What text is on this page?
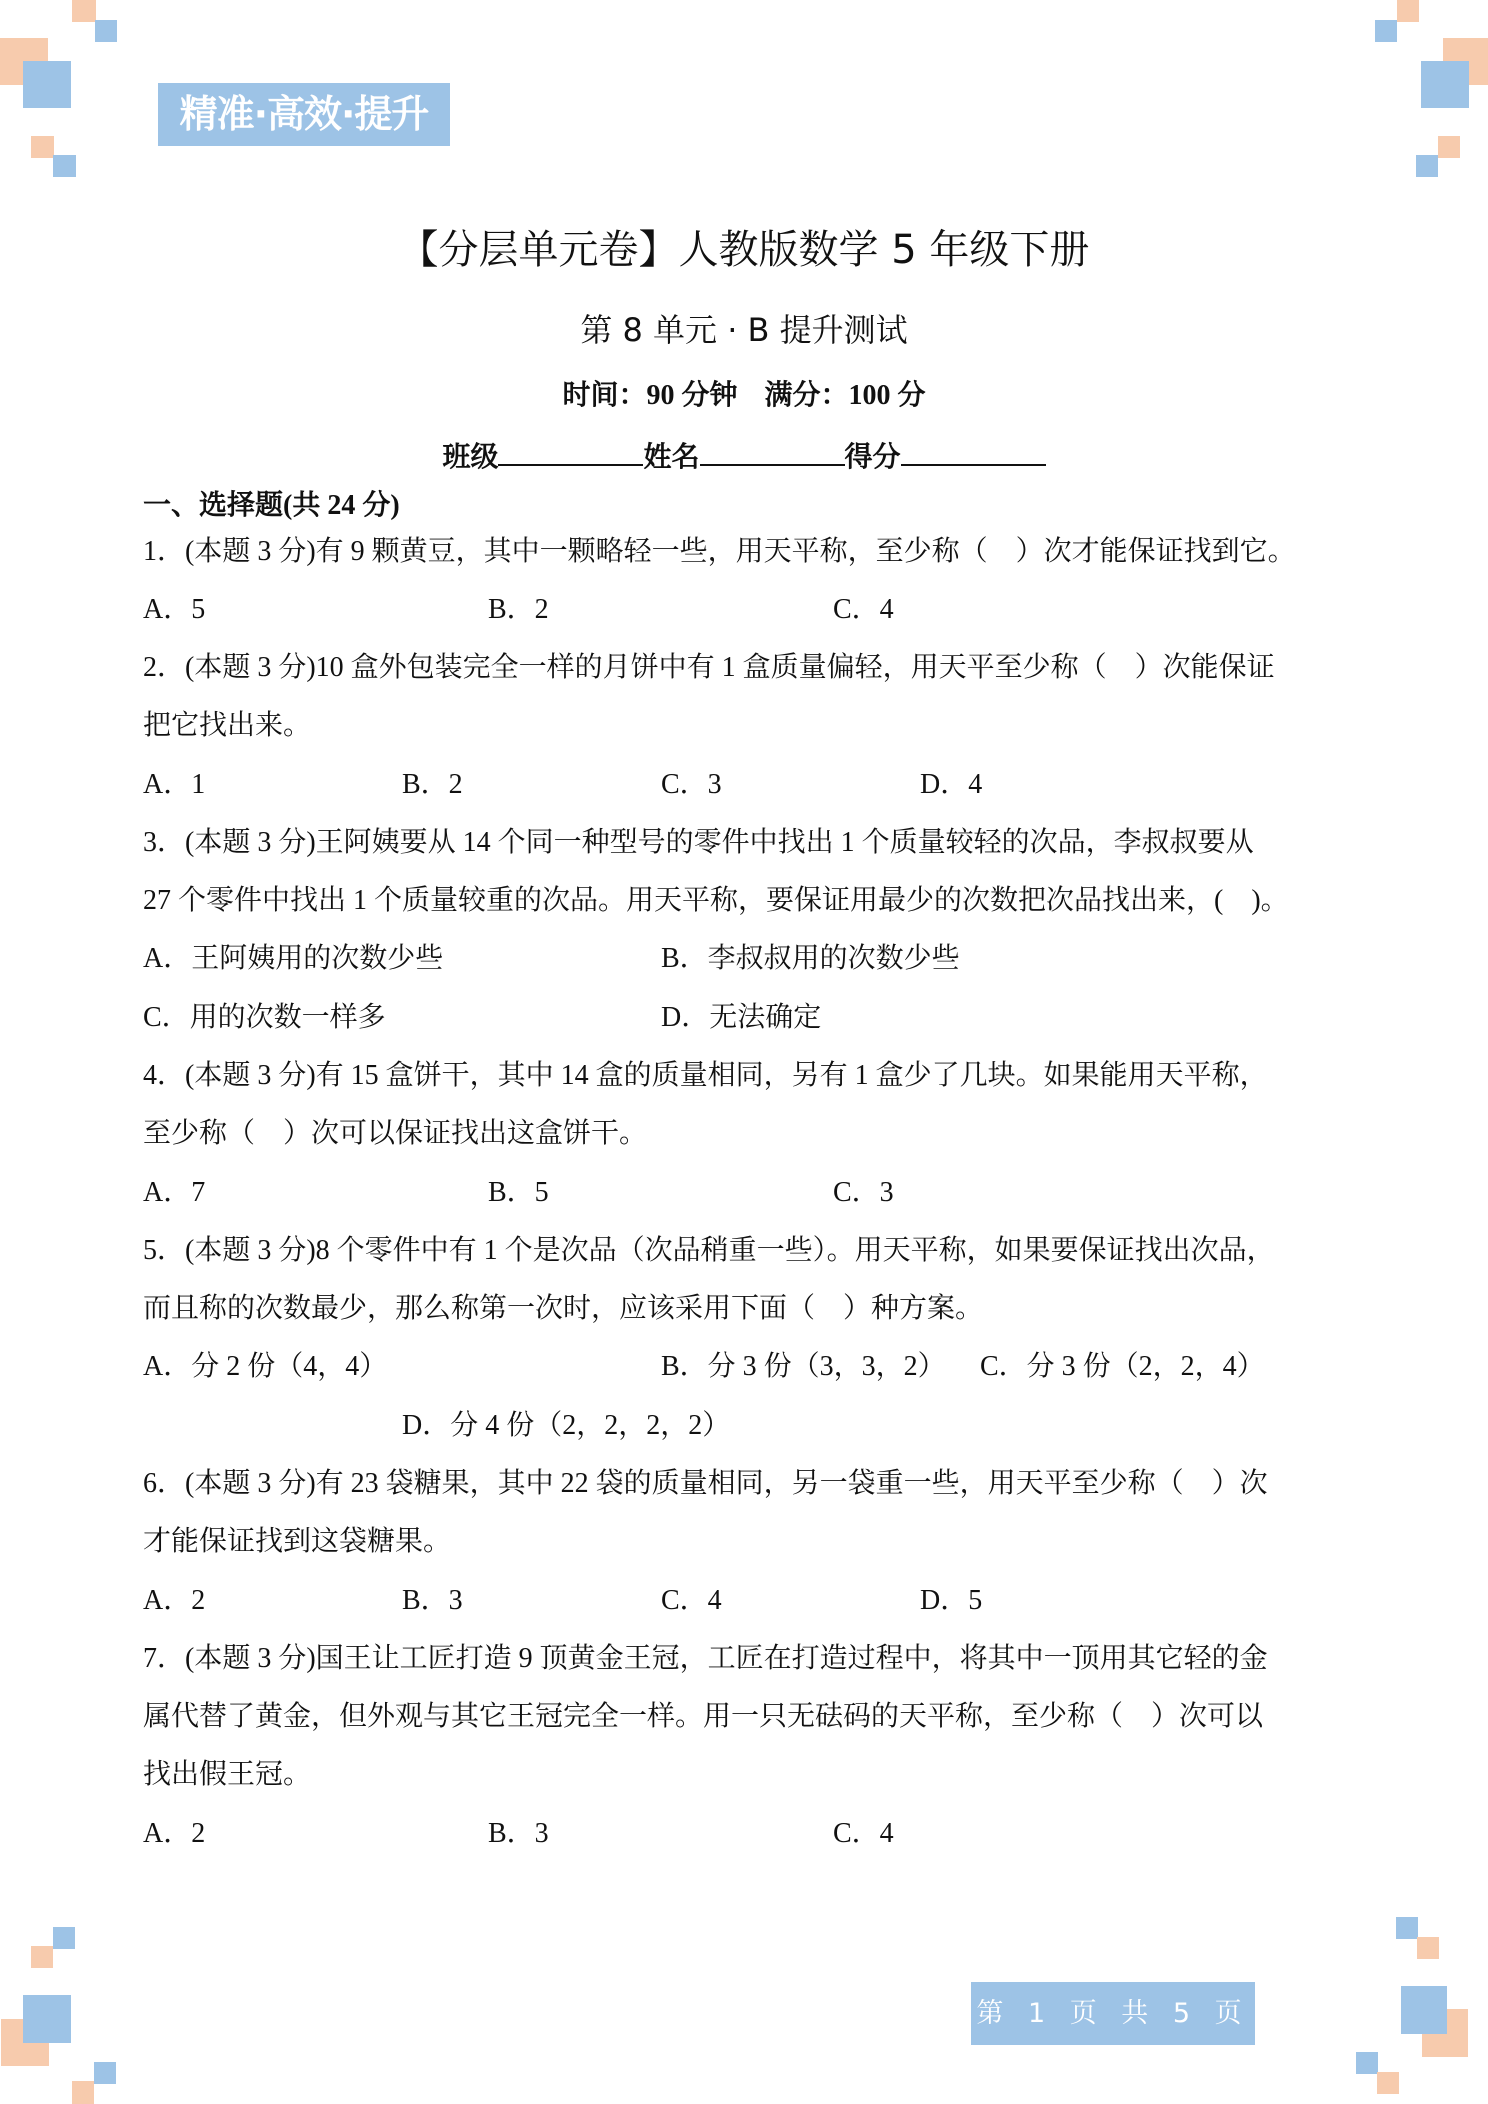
精准·高效·提升
【分层单元卷】人教版数学 5 年级下册
第 8 单元 · B 提升测试
时间：90 分钟 满分：100 分
班级	姓名	得分
一、选择题(共 24 分)
1．(本题 3 分)有 9 颗黄豆，其中一颗略轻一些，用天平称，至少称（　）次才能保证找到它。
A．5	B．2	C．4
2．(本题 3 分)10 盒外包装完全一样的月饼中有 1 盒质量偏轻，用天平至少称（　）次能保证
把它找出来。
A．1	B．2	C．3	D．4
3．(本题 3 分)王阿姨要从 14 个同一种型号的零件中找出 1 个质量较轻的次品，李叔叔要从
27 个零件中找出 1 个质量较重的次品。用天平称，要保证用最少的次数把次品找出来，(　)。
A．王阿姨用的次数少些	B．李叔叔用的次数少些
C．用的次数一样多	D．无法确定
4．(本题 3 分)有 15 盒饼干，其中 14 盒的质量相同，另有 1 盒少了几块。如果能用天平称，
至少称（　）次可以保证找出这盒饼干。
A．7	B．5	C．3
5．(本题 3 分)8 个零件中有 1 个是次品（次品稍重一些）。用天平称，如果要保证找出次品，
而且称的次数最少，那么称第一次时，应该采用下面（　）种方案。
A．分 2 份（4，4）	B．分 3 份（3，3，2） C．分 3 份（2，2，4）
D．分 4 份（2，2，2，2）
6．(本题 3 分)有 23 袋糖果，其中 22 袋的质量相同，另一袋重一些，用天平至少称（　）次
才能保证找到这袋糖果。
A．2	B．3	C．4	D．5
7．(本题 3 分)国王让工匠打造 9 顶黄金王冠，工匠在打造过程中，将其中一顶用其它轻的金
属代替了黄金，但外观与其它王冠完全一样。用一只无砝码的天平称，至少称（　）次可以
找出假王冠。
A．2	B．3	C．4
第 1 页 共 5 页
